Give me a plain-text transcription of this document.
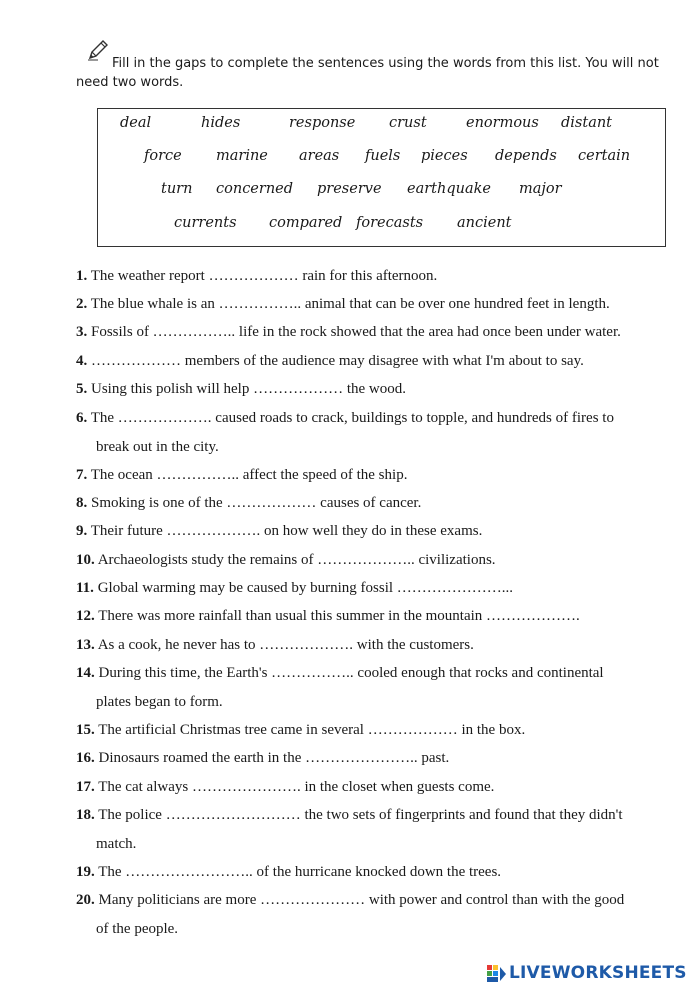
Fill in the gaps to complete the sentences using the words from this list. You will not
need two words.
deal	hides	response crust	enormous distant
force marine areas fuels pieces depends certain
turn concerned preserve earthquake major
currents compared forecasts ancient
1. The weather report ……………… rain for this afternoon.
2. The blue whale is an …………….. animal that can be over one hundred feet in length.
3. Fossils of …………….. life in the rock showed that the area had once been under water.
4. ……………… members of the audience may disagree with what I'm about to say.
5. Using this polish will help ……………… the wood.
6. The ………………. caused roads to crack, buildings to topple, and hundreds of fires to
break out in the city.
7. The ocean …………….. affect the speed of the ship.
8. Smoking is one of the ……………… causes of cancer.
9. Their future ………………. on how well they do in these exams.
10. Archaeologists study the remains of ……………….. civilizations.
11. Global warming may be caused by burning fossil …………………...
12. There was more rainfall than usual this summer in the mountain ……………….
13. As a cook, he never has to ………………. with the customers.
14. During this time, the Earth's …………….. cooled enough that rocks and continental
plates began to form.
15. The artificial Christmas tree came in several ……………… in the box.
16. Dinosaurs roamed the earth in the ………………….. past.
17. The cat always …………………. in the closet when guests come.
18. The police ……………………… the two sets of fingerprints and found that they didn't
match.
19. The …………………….. of the hurricane knocked down the trees.
20. Many politicians are more ………………… with power and control than with the good
of the people.
LIVEWORKSHEETS
